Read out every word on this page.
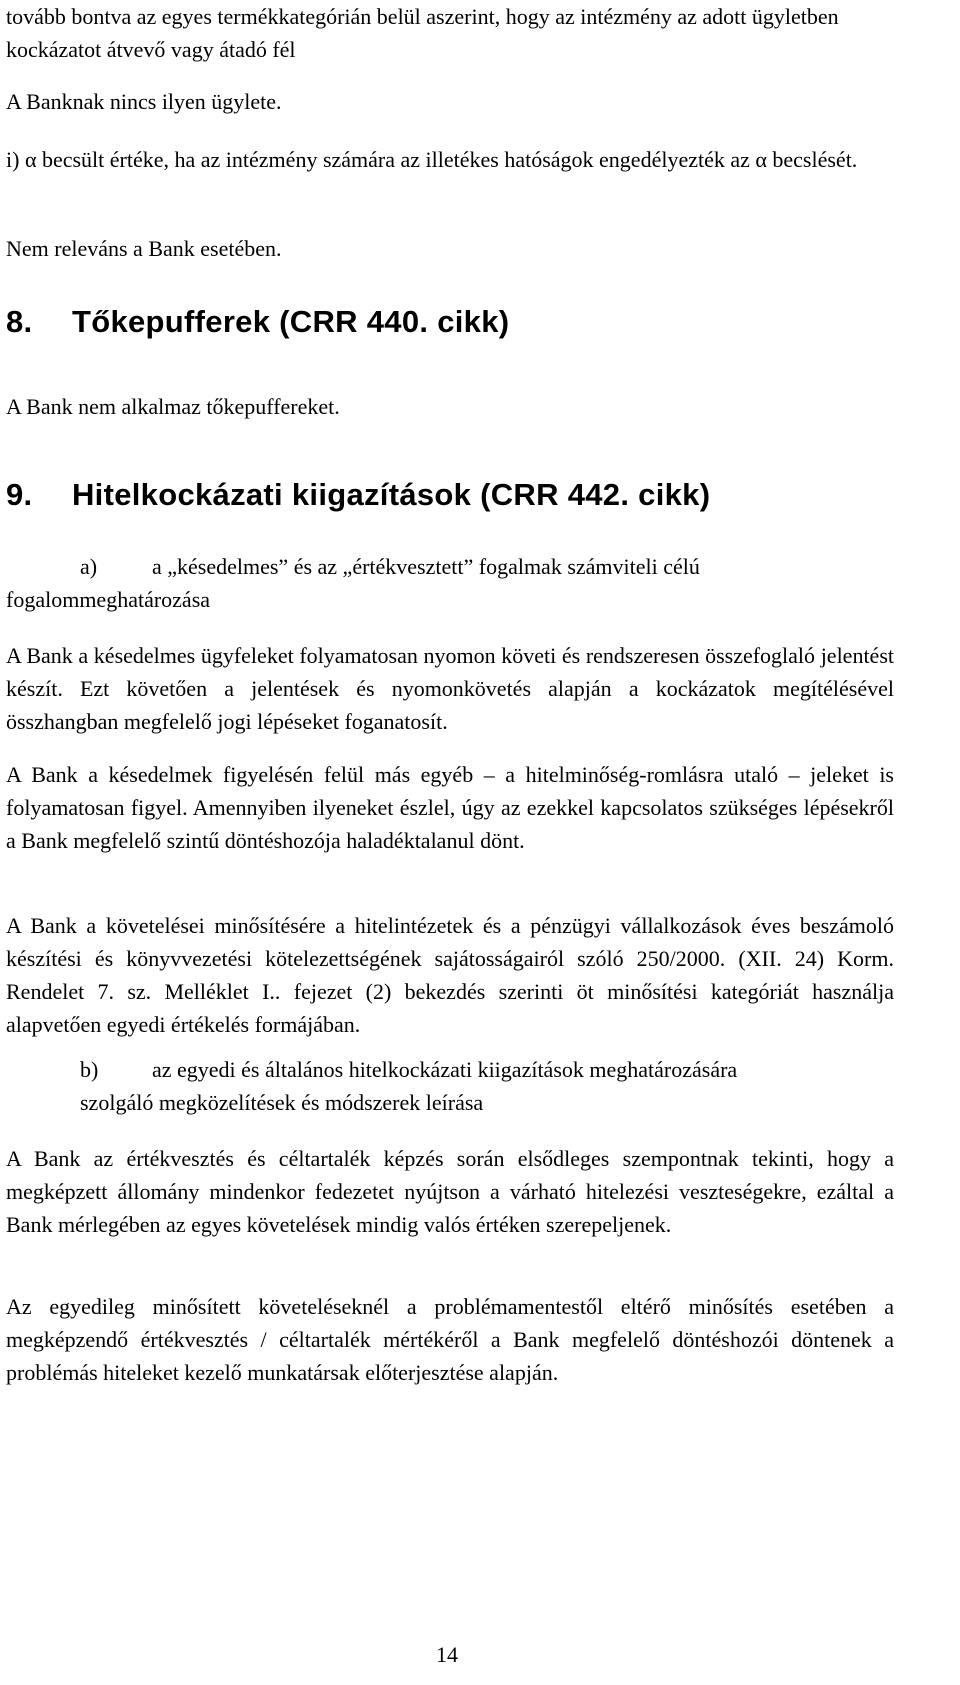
tovább bontva az egyes termékkategórián belül aszerint, hogy az intézmény az adott ügyletben kockázatot átvevő vagy átadó fél

A Banknak nincs ilyen ügylete.

i) α becsült értéke, ha az intézmény számára az illetékes hatóságok engedélyezték az α becslését.

Nem releváns a Bank esetében.

8. Tőkepufferek (CRR 440. cikk)

A Bank nem alkalmaz tőkepuffereket.

9. Hitelkockázati kiigazítások (CRR 442. cikk)

a) a „késedelmes” és az „értékvesztett” fogalmak számviteli célú

fogalommeghatározása

A Bank a késedelmes ügyfeleket folyamatosan nyomon követi és rendszeresen összefoglaló jelentést készít. Ezt követően a jelentések és nyomonkövetés alapján a kockázatok megítélésével összhangban megfelelő jogi lépéseket foganatosít.

A Bank a késedelmek figyelésén felül más egyéb – a hitelminőség-romlásra utaló – jeleket is folyamatosan figyel. Amennyiben ilyeneket észlel, úgy az ezekkel kapcsolatos szükséges lépésekről a Bank megfelelő szintű döntéshozója haladéktalanul dönt.

A Bank a követelései minősítésére a hitelintézetek és a pénzügyi vállalkozások éves beszámoló készítési és könyvvezetési kötelezettségének sajátosságairól szóló 250/2000. (XII. 24) Korm. Rendelet 7. sz. Melléklet I.. fejezet (2) bekezdés szerinti öt minősítési kategóriát használja alapvetően egyedi értékelés formájában.

b) az egyedi és általános hitelkockázati kiigazítások meghatározására

szolgáló megközelítések és módszerek leírása

A Bank az értékvesztés és céltartalék képzés során elsődleges szempontnak tekinti, hogy a megképzett állomány mindenkor fedezetet nyújtson a várható hitelezési veszteségekre, ezáltal a Bank mérlegében az egyes követelések mindig valós értéken szerepeljenek.

Az egyedileg minősített követeléseknél a problémamentestől eltérő minősítés esetében a megképzendő értékvesztés / céltartalék mértékéről a Bank megfelelő döntéshozói döntenek a problémás hiteleket kezelő munkatársak előterjesztése alapján.

14
